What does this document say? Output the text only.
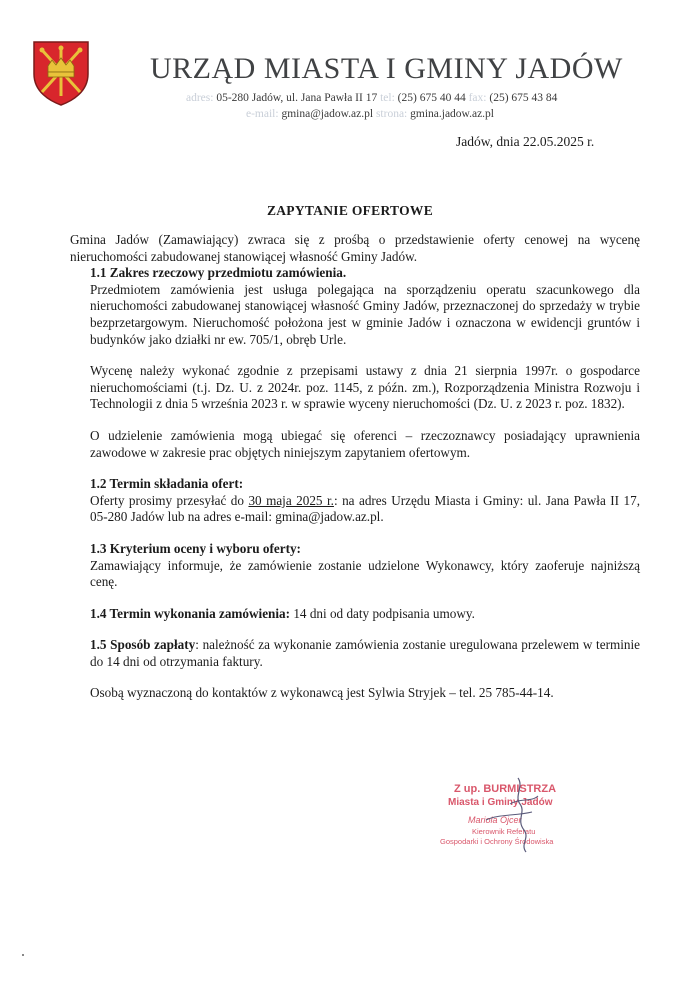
URZĄD MIASTA I GMINY JADÓW
adres: 05-280 Jadów, ul. Jana Pawła II 17 tel: (25) 675 40 44 fax: (25) 675 43 84
e-mail: gmina@jadow.az.pl strona: gmina.jadow.az.pl
Jadów, dnia 22.05.2025 r.
ZAPYTANIE OFERTOWE

Gmina Jadów (Zamawiający) zwraca się z prośbą o przedstawienie oferty cenowej na wycenę nieruchomości zabudowanej stanowiącej własność Gminy Jadów.

1.1 Zakres rzeczowy przedmiotu zamówienia.

Przedmiotem zamówienia jest usługa polegająca na sporządzeniu operatu szacunkowego dla nieruchomości zabudowanej stanowiącej własność Gminy Jadów, przeznaczonej do sprzedaży w trybie bezprzetargowym. Nieruchomość położona jest w gminie Jadów i oznaczona w ewidencji gruntów i budynków jako działki nr ew. 705/1, obręb Urle.

Wycenę należy wykonać zgodnie z przepisami ustawy z dnia 21 sierpnia 1997r. o gospodarce nieruchomościami (t.j. Dz. U. z 2024r. poz. 1145, z późn. zm.), Rozporządzenia Ministra Rozwoju i Technologii z dnia 5 września 2023 r. w sprawie wyceny nieruchomości (Dz. U. z 2023 r. poz. 1832).

O udzielenie zamówienia mogą ubiegać się oferenci – rzeczoznawcy posiadający uprawnienia zawodowe w zakresie prac objętych niniejszym zapytaniem ofertowym.

1.2 Termin składania ofert:

Oferty prosimy przesyłać do 30 maja 2025 r.: na adres Urzędu Miasta i Gminy: ul. Jana Pawła II 17, 05-280 Jadów lub na adres e-mail: gmina@jadow.az.pl.

1.3 Kryterium oceny i wyboru oferty:

Zamawiający informuje, że zamówienie zostanie udzielone Wykonawcy, który zaoferuje najniższą cenę.

1.4 Termin wykonania zamówienia: 14 dni od daty podpisania umowy.

1.5 Sposób zapłaty: należność za wykonanie zamówienia zostanie uregulowana przelewem w terminie do 14 dni od otrzymania faktury.

Osobą wyznaczoną do kontaktów z wykonawcą jest Sylwia Stryjek – tel. 25 785-44-14.

Z up. BURMISTRZA
Miasta i Gminy Jadów
Mariola Ojcer
Kierownik Referatu
Gospodarki i Ochrony Środowiska
